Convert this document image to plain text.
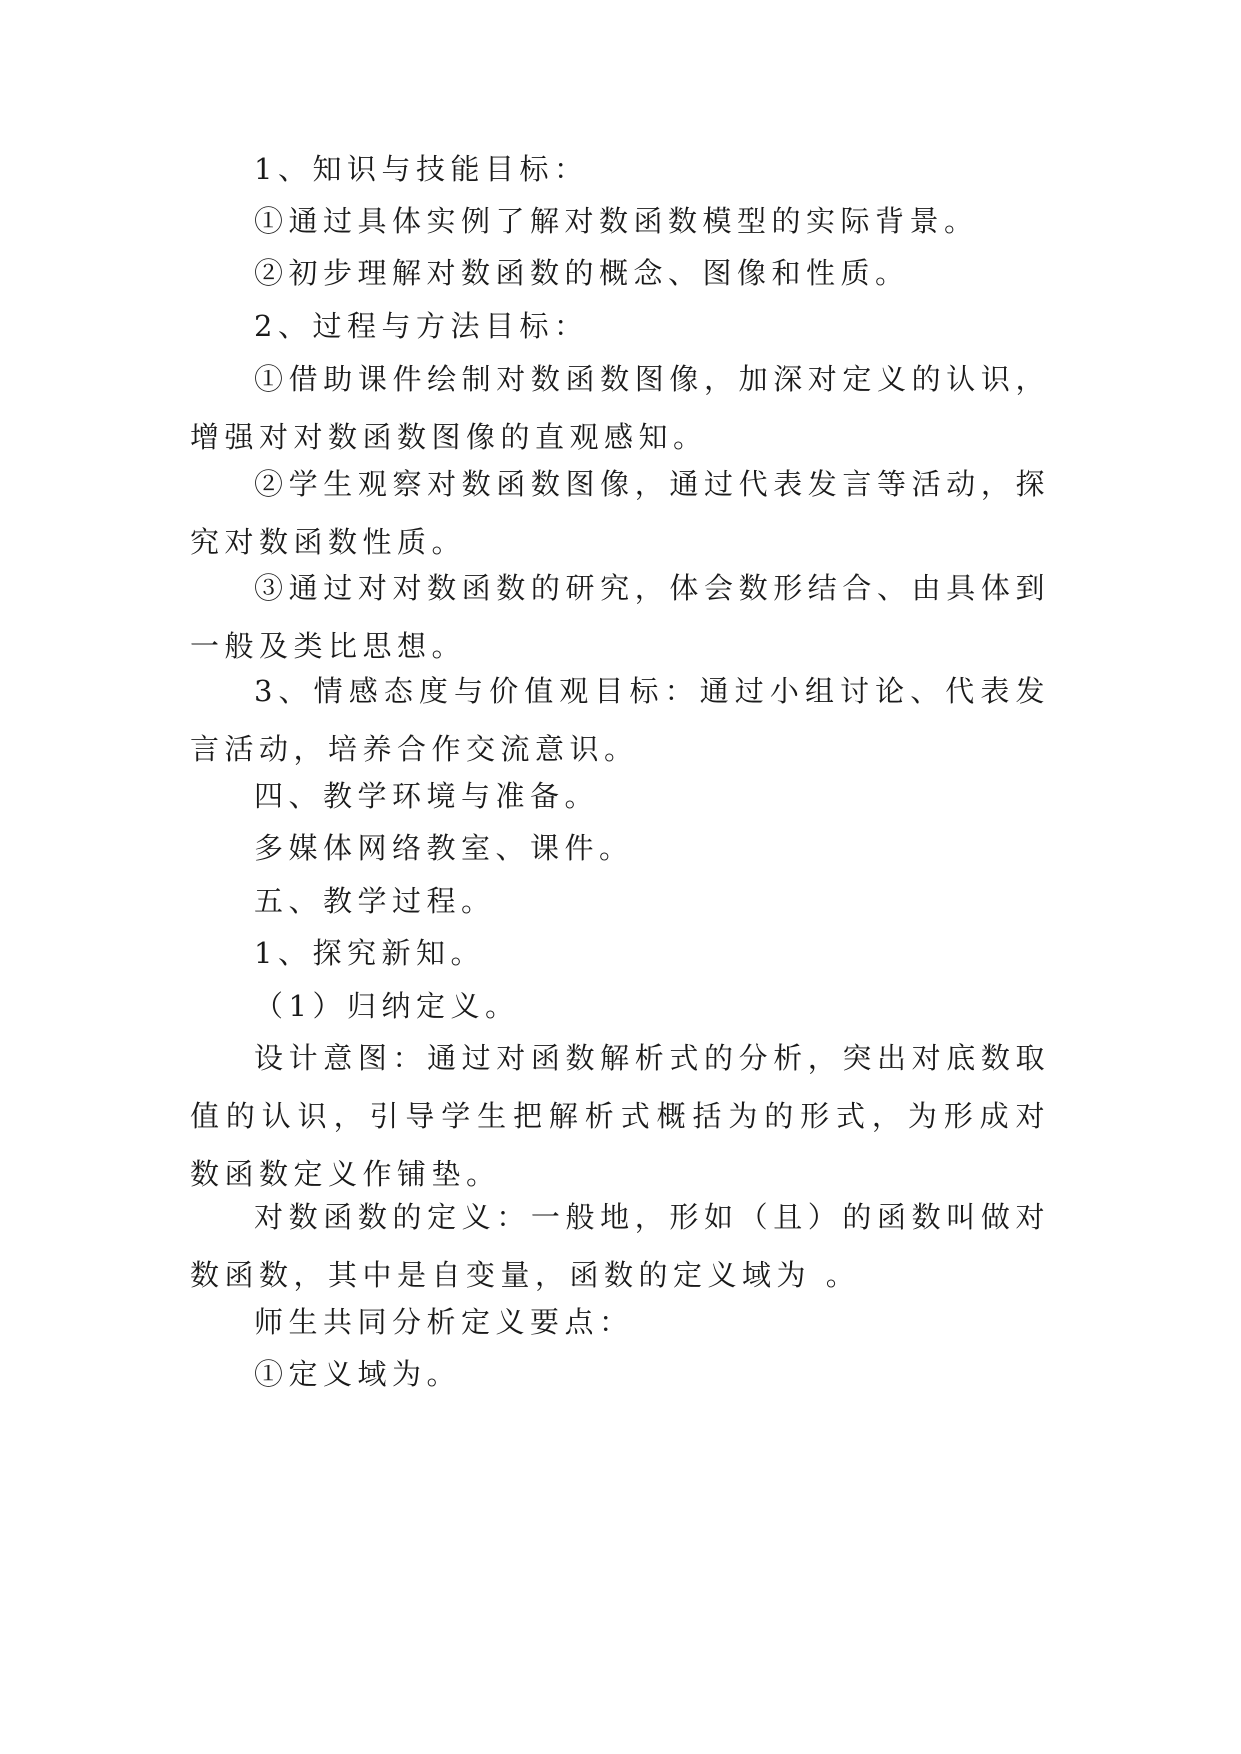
1、知识与技能目标：

①通过具体实例了解对数函数模型的实际背景。

②初步理解对数函数的概念、图像和性质。

2、过程与方法目标：

①借助课件绘制对数函数图像，加深对定义的认识，增强对对数函数图像的直观感知。

②学生观察对数函数图像，通过代表发言等活动，探究对数函数性质。

③通过对对数函数的研究，体会数形结合、由具体到一般及类比思想。

3、情感态度与价值观目标：通过小组讨论、代表发言活动，培养合作交流意识。

四、教学环境与准备。

多媒体网络教室、课件。

五、教学过程。

1、探究新知。

（1）归纳定义。

设计意图：通过对函数解析式的分析，突出对底数取值的认识，引导学生把解析式概括为的形式，为形成对数函数定义作铺垫。

对数函数的定义：一般地，形如（且）的函数叫做对数函数，其中是自变量，函数的定义域为 。

师生共同分析定义要点：

①定义域为。
